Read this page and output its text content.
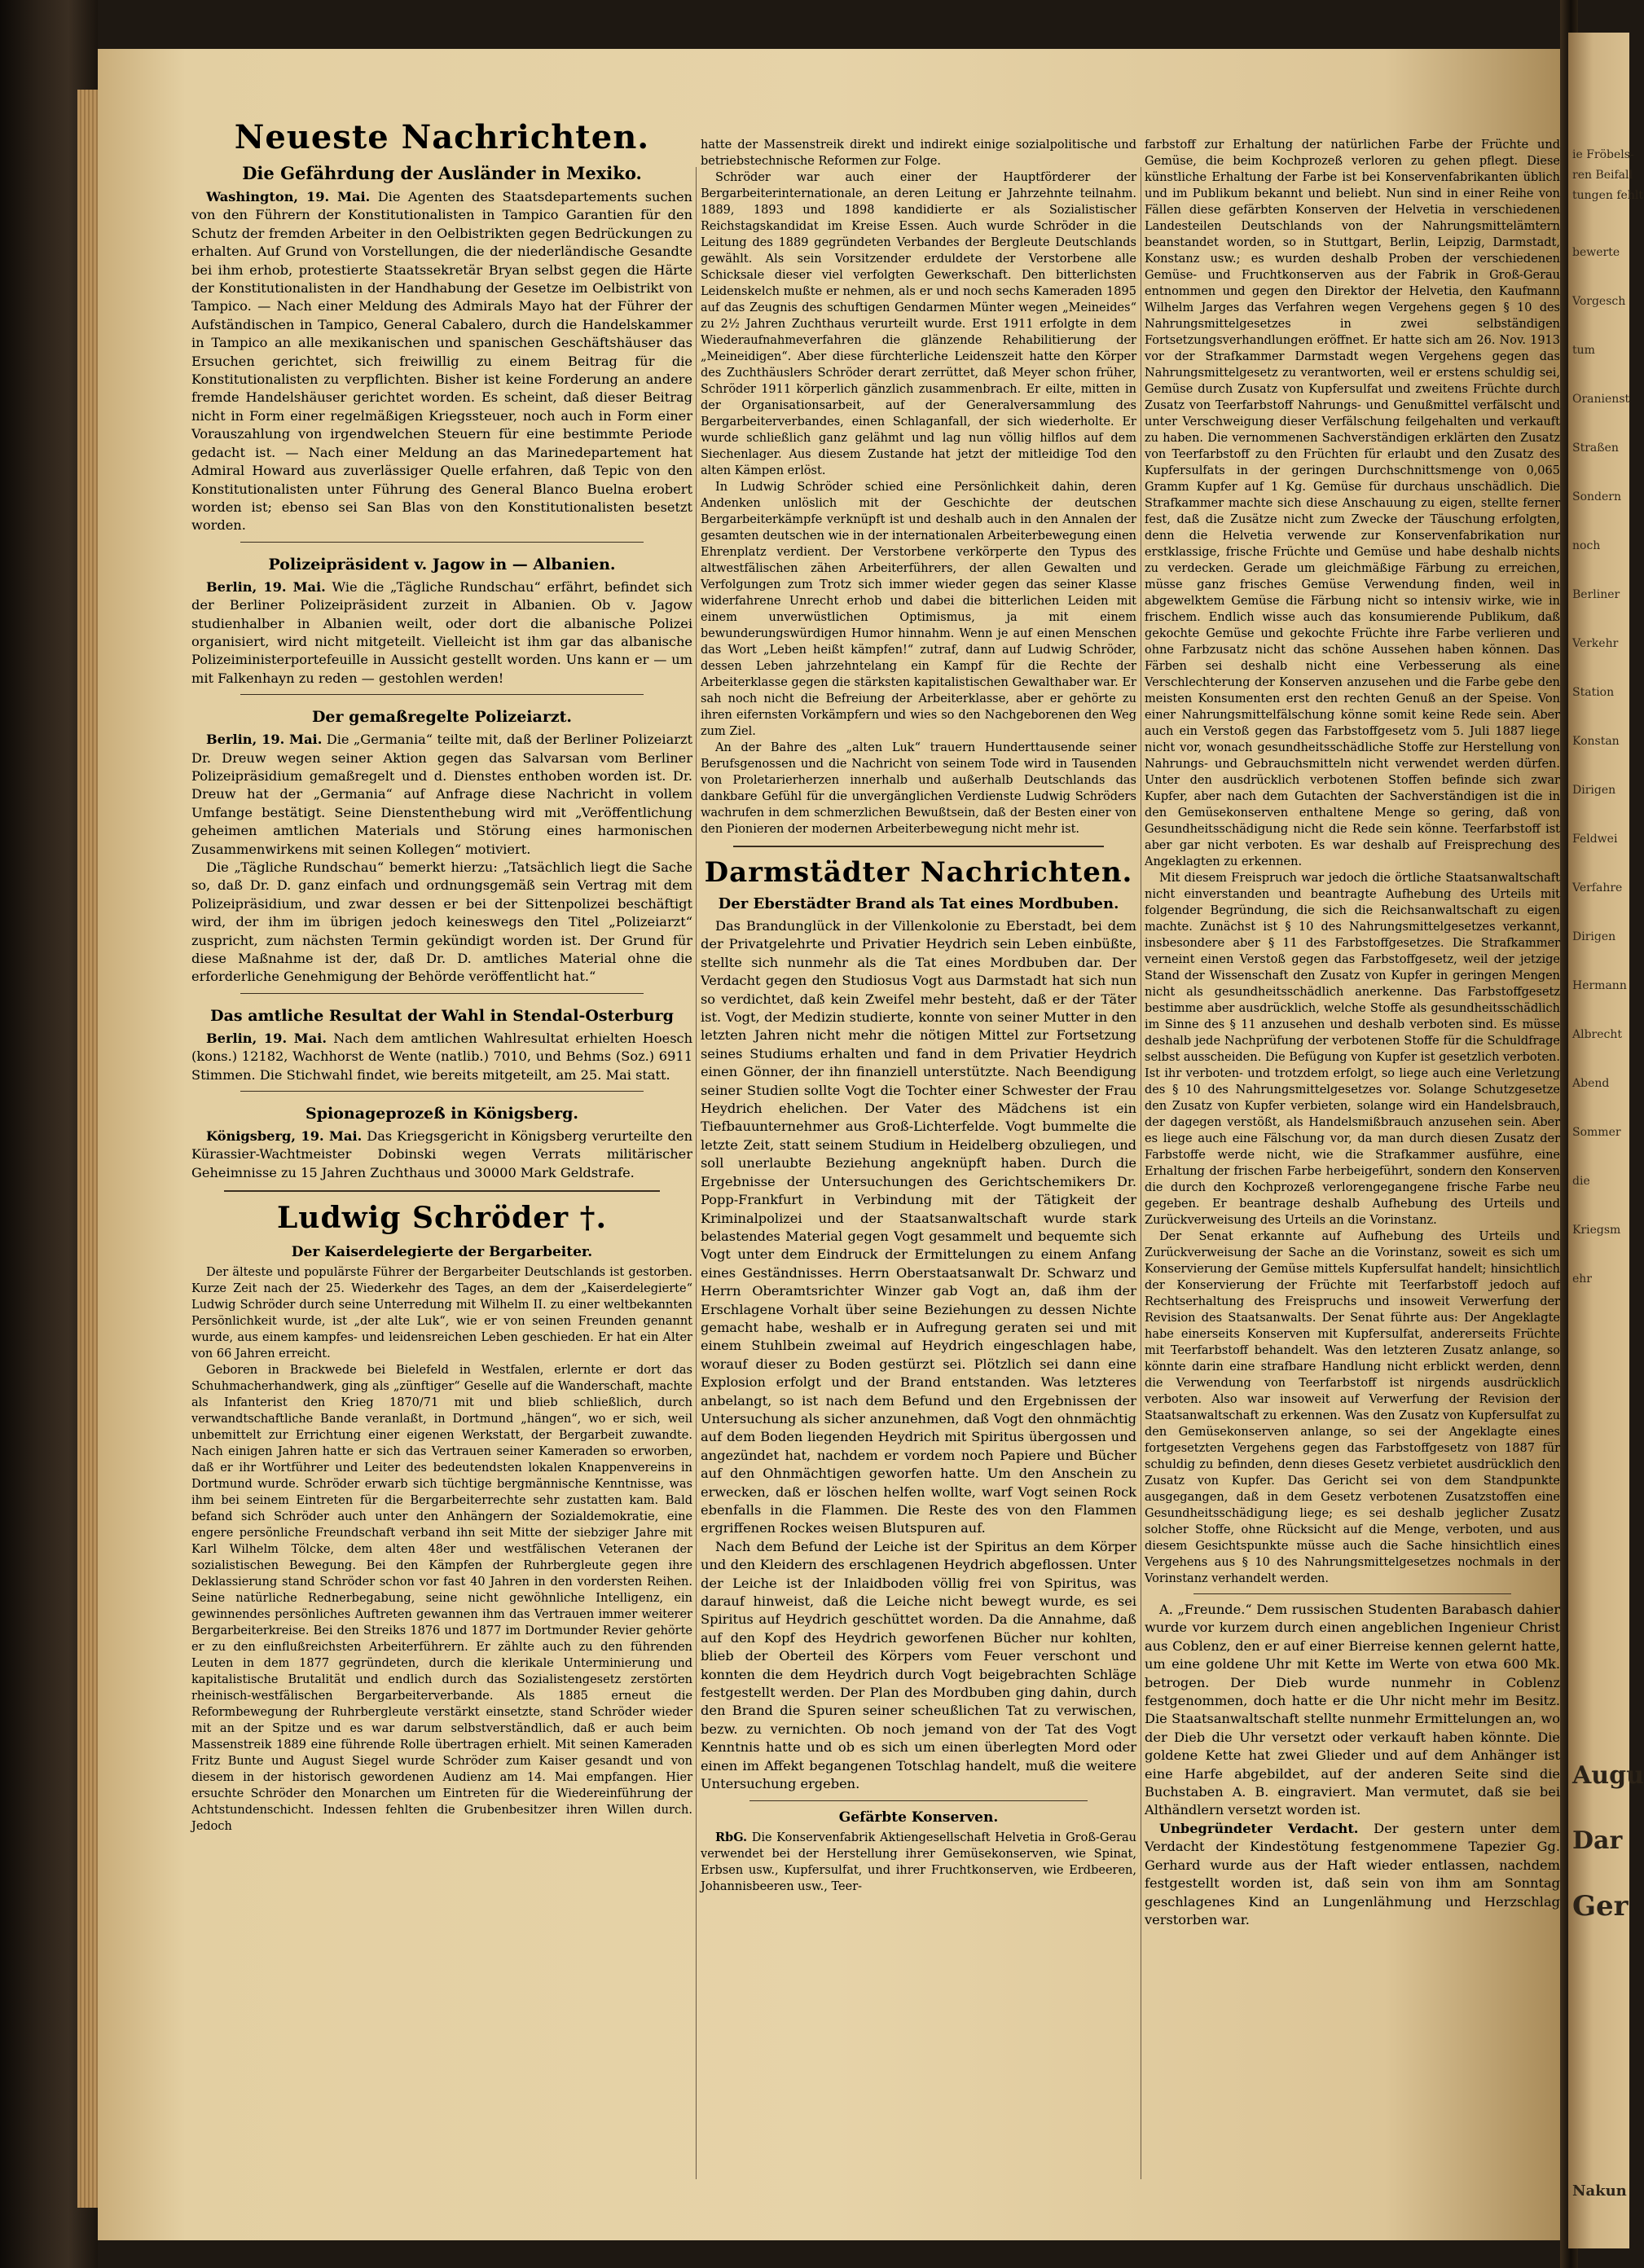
Neueste Nachrichten.
Die Gefährdung der Ausländer in Mexiko.

Washington, 19. Mai. Die Agenten des Staatsdepartements suchen von den Führern der Konstitutionalisten in Tampico Garantien für den Schutz der fremden Arbeiter in den Oelbistrikten gegen Bedrückungen zu erhalten. Auf Grund von Vorstellungen, die der niederländische Gesandte bei ihm erhob, protestierte Staatssekretär Bryan selbst gegen die Härte der Konstitutionalisten in der Handhabung der Gesetze im Oelbistrikt von Tampico. — Nach einer Meldung des Admirals Mayo hat der Führer der Aufständischen in Tampico, General Cabalero, durch die Handelskammer in Tampico an alle mexikanischen und spanischen Geschäftshäuser das Ersuchen gerichtet, sich freiwillig zu einem Beitrag für die Konstitutionalisten zu verpflichten. Bisher ist keine Forderung an andere fremde Handelshäuser gerichtet worden. Es scheint, daß dieser Beitrag nicht in Form einer regelmäßigen Kriegssteuer, noch auch in Form einer Vorauszahlung von irgendwelchen Steuern für eine bestimmte Periode gedacht ist. — Nach einer Meldung an das Marinedepartement hat Admiral Howard aus zuverlässiger Quelle erfahren, daß Tepic von den Konstitutionalisten unter Führung des General Blanco Buelna erobert worden ist; ebenso sei San Blas von den Konstitutionalisten besetzt worden.

Polizeipräsident v. Jagow in — Albanien.

Berlin, 19. Mai. Wie die „Tägliche Rundschau“ erfährt, befindet sich der Berliner Polizeipräsident zurzeit in Albanien. Ob v. Jagow studienhalber in Albanien weilt, oder dort die albanische Polizei organisiert, wird nicht mitgeteilt. Vielleicht ist ihm gar das albanische Polizeiministerportefeuille in Aussicht gestellt worden. Uns kann er — um mit Falkenhayn zu reden — gestohlen werden!

Der gemaßregelte Polizeiarzt.

Berlin, 19. Mai. Die „Germania“ teilte mit, daß der Berliner Polizeiarzt Dr. Dreuw wegen seiner Aktion gegen das Salvarsan vom Berliner Polizeipräsidium gemaßregelt und d. Dienstes enthoben worden ist. Dr. Dreuw hat der „Germania“ auf Anfrage diese Nachricht in vollem Umfange bestätigt. Seine Dienstenthebung wird mit „Veröffentlichung geheimen amtlichen Materials und Störung eines harmonischen Zusammenwirkens mit seinen Kollegen“ motiviert.

Die „Tägliche Rundschau“ bemerkt hierzu: „Tatsächlich liegt die Sache so, daß Dr. D. ganz einfach und ordnungsgemäß sein Vertrag mit dem Polizeipräsidium, und zwar dessen er bei der Sittenpolizei beschäftigt wird, der ihm im übrigen jedoch keineswegs den Titel „Polizeiarzt“ zuspricht, zum nächsten Termin gekündigt worden ist. Der Grund für diese Maßnahme ist der, daß Dr. D. amtliches Material ohne die erforderliche Genehmigung der Behörde veröffentlicht hat.“

Das amtliche Resultat der Wahl in Stendal-Osterburg

Berlin, 19. Mai. Nach dem amtlichen Wahlresultat erhielten Hoesch (kons.) 12182, Wachhorst de Wente (natlib.) 7010, und Behms (Soz.) 6911 Stimmen. Die Stichwahl findet, wie bereits mitgeteilt, am 25. Mai statt.

Spionageprozeß in Königsberg.

Königsberg, 19. Mai. Das Kriegsgericht in Königsberg verurteilte den Kürassier-Wachtmeister Dobinski wegen Verrats militärischer Geheimnisse zu 15 Jahren Zuchthaus und 30000 Mark Geldstrafe.

Ludwig Schröder †.
Der Kaiserdelegierte der Bergarbeiter.

Der älteste und populärste Führer der Bergarbeiter Deutschlands ist gestorben. Kurze Zeit nach der 25. Wiederkehr des Tages, an dem der „Kaiserdelegierte“ Ludwig Schröder durch seine Unterredung mit Wilhelm II. zu einer weltbekannten Persönlichkeit wurde, ist „der alte Luk“, wie er von seinen Freunden genannt wurde, aus einem kampfes- und leidensreichen Leben geschieden. Er hat ein Alter von 66 Jahren erreicht.

Geboren in Brackwede bei Bielefeld in Westfalen, erlernte er dort das Schuhmacherhandwerk, ging als „zünftiger“ Geselle auf die Wanderschaft, machte als Infanterist den Krieg 1870/71 mit und blieb schließlich, durch verwandtschaftliche Bande veranlaßt, in Dortmund „hängen“, wo er sich, weil unbemittelt zur Errichtung einer eigenen Werkstatt, der Bergarbeit zuwandte. Nach einigen Jahren hatte er sich das Vertrauen seiner Kameraden so erworben, daß er ihr Wortführer und Leiter des bedeutendsten lokalen Knappenvereins in Dortmund wurde. Schröder erwarb sich tüchtige bergmännische Kenntnisse, was ihm bei seinem Eintreten für die Bergarbeiterrechte sehr zustatten kam. Bald befand sich Schröder auch unter den Anhängern der Sozialdemokratie, eine engere persönliche Freundschaft verband ihn seit Mitte der siebziger Jahre mit Karl Wilhelm Tölcke, dem alten 48er und westfälischen Veteranen der sozialistischen Bewegung. Bei den Kämpfen der Ruhrbergleute gegen ihre Deklassierung stand Schröder schon vor fast 40 Jahren in den vordersten Reihen. Seine natürliche Rednerbegabung, seine nicht gewöhnliche Intelligenz, ein gewinnendes persönliches Auftreten gewannen ihm das Vertrauen immer weiterer Bergarbeiterkreise. Bei den Streiks 1876 und 1877 im Dortmunder Revier gehörte er zu den einflußreichsten Arbeiterführern. Er zählte auch zu den führenden Leuten in dem 1877 gegründeten, durch die klerikale Unterminierung und kapitalistische Brutalität und endlich durch das Sozialistengesetz zerstörten rheinisch-westfälischen Bergarbeiterverbande. Als 1885 erneut die Reformbewegung der Ruhrbergleute verstärkt einsetzte, stand Schröder wieder mit an der Spitze und es war darum selbstverständlich, daß er auch beim Massenstreik 1889 eine führende Rolle übertragen erhielt. Mit seinen Kameraden Fritz Bunte und August Siegel wurde Schröder zum Kaiser gesandt und von diesem in der historisch gewordenen Audienz am 14. Mai empfangen. Hier ersuchte Schröder den Monarchen um Eintreten für die Wiedereinführung der Achtstundenschicht. Indessen fehlten die Grubenbesitzer ihren Willen durch. Jedoch

hatte der Massenstreik direkt und indirekt einige sozialpolitische und betriebstechnische Reformen zur Folge.

Schröder war auch einer der Hauptförderer der Bergarbeiterinternationale, an deren Leitung er Jahrzehnte teilnahm. 1889, 1893 und 1898 kandidierte er als Sozialistischer Reichstagskandidat im Kreise Essen. Auch wurde Schröder in die Leitung des 1889 gegründeten Verbandes der Bergleute Deutschlands gewählt. Als sein Vorsitzender erduldete der Verstorbene alle Schicksale dieser viel verfolgten Gewerkschaft. Den bitterlichsten Leidenskelch mußte er nehmen, als er und noch sechs Kameraden 1895 auf das Zeugnis des schuftigen Gendarmen Münter wegen „Meineides“ zu 2½ Jahren Zuchthaus verurteilt wurde. Erst 1911 erfolgte in dem Wiederaufnahmeverfahren die glänzende Rehabilitierung der „Meineidigen“. Aber diese fürchterliche Leidenszeit hatte den Körper des Zuchthäuslers Schröder derart zerrüttet, daß Meyer schon früher, Schröder 1911 körperlich gänzlich zusammenbrach. Er eilte, mitten in der Organisationsarbeit, auf der Generalversammlung des Bergarbeiterverbandes, einen Schlaganfall, der sich wiederholte. Er wurde schließlich ganz gelähmt und lag nun völlig hilflos auf dem Siechenlager. Aus diesem Zustande hat jetzt der mitleidige Tod den alten Kämpen erlöst.

In Ludwig Schröder schied eine Persönlichkeit dahin, deren Andenken unlöslich mit der Geschichte der deutschen Bergarbeiterkämpfe verknüpft ist und deshalb auch in den Annalen der gesamten deutschen wie in der internationalen Arbeiterbewegung einen Ehrenplatz verdient. Der Verstorbene verkörperte den Typus des altwestfälischen zähen Arbeiterführers, der allen Gewalten und Verfolgungen zum Trotz sich immer wieder gegen das seiner Klasse widerfahrene Unrecht erhob und dabei die bitterlichen Leiden mit einem unverwüstlichen Optimismus, ja mit einem bewunderungswürdigen Humor hinnahm. Wenn je auf einen Menschen das Wort „Leben heißt kämpfen!“ zutraf, dann auf Ludwig Schröder, dessen Leben jahrzehntelang ein Kampf für die Rechte der Arbeiterklasse gegen die stärksten kapitalistischen Gewalthaber war. Er sah noch nicht die Befreiung der Arbeiterklasse, aber er gehörte zu ihren eifernsten Vorkämpfern und wies so den Nachgeborenen den Weg zum Ziel.

An der Bahre des „alten Luk“ trauern Hunderttausende seiner Berufsgenossen und die Nachricht von seinem Tode wird in Tausenden von Proletarierherzen innerhalb und außerhalb Deutschlands das dankbare Gefühl für die unvergänglichen Verdienste Ludwig Schröders wachrufen in dem schmerzlichen Bewußtsein, daß der Besten einer von den Pionieren der modernen Arbeiterbewegung nicht mehr ist.

Darmstädter Nachrichten.
Der Eberstädter Brand als Tat eines Mordbuben.

Das Brandunglück in der Villenkolonie zu Eberstadt, bei dem der Privatgelehrte und Privatier Heydrich sein Leben einbüßte, stellte sich nunmehr als die Tat eines Mordbuben dar. Der Verdacht gegen den Studiosus Vogt aus Darmstadt hat sich nun so verdichtet, daß kein Zweifel mehr besteht, daß er der Täter ist. Vogt, der Medizin studierte, konnte von seiner Mutter in den letzten Jahren nicht mehr die nötigen Mittel zur Fortsetzung seines Studiums erhalten und fand in dem Privatier Heydrich einen Gönner, der ihn finanziell unterstützte. Nach Beendigung seiner Studien sollte Vogt die Tochter einer Schwester der Frau Heydrich ehelichen. Der Vater des Mädchens ist ein Tiefbauunternehmer aus Groß-Lichterfelde. Vogt bummelte die letzte Zeit, statt seinem Studium in Heidelberg obzuliegen, und soll unerlaubte Beziehung angeknüpft haben. Durch die Ergebnisse der Untersuchungen des Gerichtschemikers Dr. Popp-Frankfurt in Verbindung mit der Tätigkeit der Kriminalpolizei und der Staatsanwaltschaft wurde stark belastendes Material gegen Vogt gesammelt und bequemte sich Vogt unter dem Eindruck der Ermittelungen zu einem Anfang eines Geständnisses. Herrn Oberstaatsanwalt Dr. Schwarz und Herrn Oberamtsrichter Winzer gab Vogt an, daß ihm der Erschlagene Vorhalt über seine Beziehungen zu dessen Nichte gemacht habe, weshalb er in Aufregung geraten sei und mit einem Stuhlbein zweimal auf Heydrich eingeschlagen habe, worauf dieser zu Boden gestürzt sei. Plötzlich sei dann eine Explosion erfolgt und der Brand entstanden. Was letzteres anbelangt, so ist nach dem Befund und den Ergebnissen der Untersuchung als sicher anzunehmen, daß Vogt den ohnmächtig auf dem Boden liegenden Heydrich mit Spiritus übergossen und angezündet hat, nachdem er vordem noch Papiere und Bücher auf den Ohnmächtigen geworfen hatte. Um den Anschein zu erwecken, daß er löschen helfen wollte, warf Vogt seinen Rock ebenfalls in die Flammen. Die Reste des von den Flammen ergriffenen Rockes weisen Blutspuren auf.

Nach dem Befund der Leiche ist der Spiritus an dem Körper und den Kleidern des erschlagenen Heydrich abgeflossen. Unter der Leiche ist der Inlaidboden völlig frei von Spiritus, was darauf hinweist, daß die Leiche nicht bewegt wurde, es sei Spiritus auf Heydrich geschüttet worden. Da die Annahme, daß auf den Kopf des Heydrich geworfenen Bücher nur kohlten, blieb der Oberteil des Körpers vom Feuer verschont und konnten die dem Heydrich durch Vogt beigebrachten Schläge festgestellt werden. Der Plan des Mordbuben ging dahin, durch den Brand die Spuren seiner scheußlichen Tat zu verwischen, bezw. zu vernichten. Ob noch jemand von der Tat des Vogt Kenntnis hatte und ob es sich um einen überlegten Mord oder einen im Affekt begangenen Totschlag handelt, muß die weitere Untersuchung ergeben.

Gefärbte Konserven.

RbG. Die Konservenfabrik Aktiengesellschaft Helvetia in Groß-Gerau verwendet bei der Herstellung ihrer Gemüsekonserven, wie Spinat, Erbsen usw., Kupfersulfat, und ihrer Fruchtkonserven, wie Erdbeeren, Johannisbeeren usw., Teer-

farbstoff zur Erhaltung der natürlichen Farbe der Früchte und Gemüse, die beim Kochprozeß verloren zu gehen pflegt. Diese künstliche Erhaltung der Farbe ist bei Konservenfabrikanten üblich und im Publikum bekannt und beliebt. Nun sind in einer Reihe von Fällen diese gefärbten Konserven der Helvetia in verschiedenen Landesteilen Deutschlands von der Nahrungsmittelämtern beanstandet worden, so in Stuttgart, Berlin, Leipzig, Darmstadt, Konstanz usw.; es wurden deshalb Proben der verschiedenen Gemüse- und Fruchtkonserven aus der Fabrik in Groß-Gerau entnommen und gegen den Direktor der Helvetia, den Kaufmann Wilhelm Jarges das Verfahren wegen Vergehens gegen § 10 des Nahrungsmittelgesetzes in zwei selbständigen Fortsetzungsverhandlungen eröffnet. Er hatte sich am 26. Nov. 1913 vor der Strafkammer Darmstadt wegen Vergehens gegen das Nahrungsmittelgesetz zu verantworten, weil er erstens schuldig sei, Gemüse durch Zusatz von Kupfersulfat und zweitens Früchte durch Zusatz von Teerfarbstoff Nahrungs- und Genußmittel verfälscht und unter Verschweigung dieser Verfälschung feilgehalten und verkauft zu haben. Die vernommenen Sachverständigen erklärten den Zusatz von Teerfarbstoff zu den Früchten für erlaubt und den Zusatz des Kupfersulfats in der geringen Durchschnittsmenge von 0,065 Gramm Kupfer auf 1 Kg. Gemüse für durchaus unschädlich. Die Strafkammer machte sich diese Anschauung zu eigen, stellte ferner fest, daß die Zusätze nicht zum Zwecke der Täuschung erfolgten, denn die Helvetia verwende zur Konservenfabrikation nur erstklassige, frische Früchte und Gemüse und habe deshalb nichts zu verdecken. Gerade um gleichmäßige Färbung zu erreichen, müsse ganz frisches Gemüse Verwendung finden, weil in abgewelktem Gemüse die Färbung nicht so intensiv wirke, wie in frischem. Endlich wisse auch das konsumierende Publikum, daß gekochte Gemüse und gekochte Früchte ihre Farbe verlieren und ohne Farbzusatz nicht das schöne Aussehen haben können. Das Färben sei deshalb nicht eine Verbesserung als eine Verschlechterung der Konserven anzusehen und die Farbe gebe den meisten Konsumenten erst den rechten Genuß an der Speise. Von einer Nahrungsmittelfälschung könne somit keine Rede sein. Aber auch ein Verstoß gegen das Farbstoffgesetz vom 5. Juli 1887 liege nicht vor, wonach gesundheitsschädliche Stoffe zur Herstellung von Nahrungs- und Gebrauchsmitteln nicht verwendet werden dürfen. Unter den ausdrücklich verbotenen Stoffen befinde sich zwar Kupfer, aber nach dem Gutachten der Sachverständigen ist die in den Gemüsekonserven enthaltene Menge so gering, daß von Gesundheitsschädigung nicht die Rede sein könne. Teerfarbstoff ist aber gar nicht verboten. Es war deshalb auf Freisprechung des Angeklagten zu erkennen.

Mit diesem Freispruch war jedoch die örtliche Staatsanwaltschaft nicht einverstanden und beantragte Aufhebung des Urteils mit folgender Begründung, die sich die Reichsanwaltschaft zu eigen machte. Zunächst ist § 10 des Nahrungsmittelgesetzes verkannt, insbesondere aber § 11 des Farbstoffgesetzes. Die Strafkammer verneint einen Verstoß gegen das Farbstoffgesetz, weil der jetzige Stand der Wissenschaft den Zusatz von Kupfer in geringen Mengen nicht als gesundheitsschädlich anerkenne. Das Farbstoffgesetz bestimme aber ausdrücklich, welche Stoffe als gesundheitsschädlich im Sinne des § 11 anzusehen und deshalb verboten sind. Es müsse deshalb jede Nachprüfung der verbotenen Stoffe für die Schuldfrage selbst ausscheiden. Die Befügung von Kupfer ist gesetzlich verboten. Ist ihr verboten- und trotzdem erfolgt, so liege auch eine Verletzung des § 10 des Nahrungsmittelgesetzes vor. Solange Schutzgesetze den Zusatz von Kupfer verbieten, solange wird ein Handelsbrauch, der dagegen verstößt, als Handelsmißbrauch anzusehen sein. Aber es liege auch eine Fälschung vor, da man durch diesen Zusatz der Farbstoffe werde nicht, wie die Strafkammer ausführe, eine Erhaltung der frischen Farbe herbeigeführt, sondern den Konserven die durch den Kochprozeß verlorengegangene frische Farbe neu gegeben. Er beantrage deshalb Aufhebung des Urteils und Zurückverweisung des Urteils an die Vorinstanz.

Der Senat erkannte auf Aufhebung des Urteils und Zurückverweisung der Sache an die Vorinstanz, soweit es sich um Konservierung der Gemüse mittels Kupfersulfat handelt; hinsichtlich der Konservierung der Früchte mit Teerfarbstoff jedoch auf Rechtserhaltung des Freispruchs und insoweit Verwerfung der Revision des Staatsanwalts. Der Senat führte aus: Der Angeklagte habe einerseits Konserven mit Kupfersulfat, andererseits Früchte mit Teerfarbstoff behandelt. Was den letzteren Zusatz anlange, so könnte darin eine strafbare Handlung nicht erblickt werden, denn die Verwendung von Teerfarbstoff ist nirgends ausdrücklich verboten. Also war insoweit auf Verwerfung der Revision der Staatsanwaltschaft zu erkennen. Was den Zusatz von Kupfersulfat zu den Gemüsekonserven anlange, so sei der Angeklagte eines fortgesetzten Vergehens gegen das Farbstoffgesetz von 1887 für schuldig zu befinden, denn dieses Gesetz verbietet ausdrücklich den Zusatz von Kupfer. Das Gericht sei von dem Standpunkte ausgegangen, daß in dem Gesetz verbotenen Zusatzstoffen eine Gesundheitsschädigung liege; es sei deshalb jeglicher Zusatz solcher Stoffe, ohne Rücksicht auf die Menge, verboten, und aus diesem Gesichtspunkte müsse auch die Sache hinsichtlich eines Vergehens aus § 10 des Nahrungsmittelgesetzes nochmals in der Vorinstanz verhandelt werden.

A. „Freunde.“ Dem russischen Studenten Barabasch dahier wurde vor kurzem durch einen angeblichen Ingenieur Christ aus Coblenz, den er auf einer Bierreise kennen gelernt hatte, um eine goldene Uhr mit Kette im Werte von etwa 600 Mk. betrogen. Der Dieb wurde nunmehr in Coblenz festgenommen, doch hatte er die Uhr nicht mehr im Besitz. Die Staatsanwaltschaft stellte nunmehr Ermittelungen an, wo der Dieb die Uhr versetzt oder verkauft haben könnte. Die goldene Kette hat zwei Glieder und auf dem Anhänger ist eine Harfe abgebildet, auf der anderen Seite sind die Buchstaben A. B. eingraviert. Man vermutet, daß sie bei Althändlern versetzt worden ist.

Unbegründeter Verdacht. Der gestern unter dem Verdacht der Kindestötung festgenommene Tapezier Gg. Gerhard wurde aus der Haft wieder entlassen, nachdem festgestellt worden ist, daß sein von ihm am Sonntag geschlagenes Kind an Lungenlähmung und Herzschlag verstorben war.

ie Fröbels-
ren Beifall
tungen fehlt
bewerte
Vorgesch
tum
Oranienst
Straßen
Sondern
noch
Berliner
Verkehr
Station
Konstan
Dirigen
Feldwei
Verfahre
Dirigen
Hermann
Albrecht
Abend
Sommer
die
Kriegsm
ehr
Augu
Dar
Ger
Nakun
